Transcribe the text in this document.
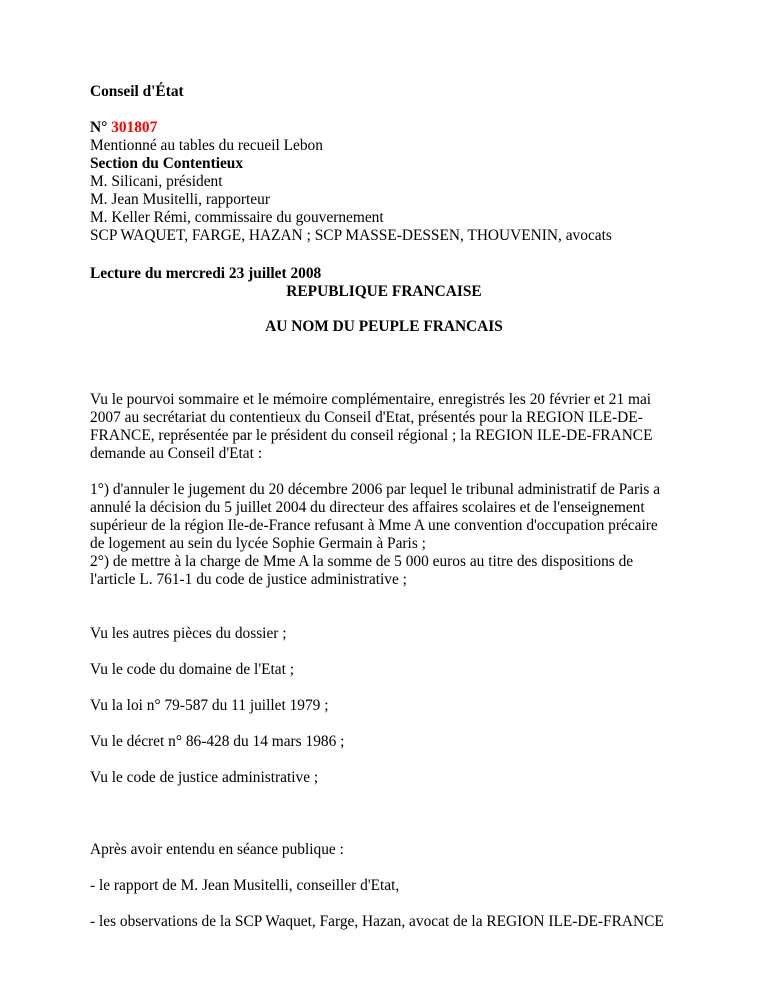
Conseil d'État
N° 301807
Mentionné au tables du recueil Lebon
Section du Contentieux
M. Silicani, président
M. Jean Musitelli, rapporteur
M. Keller Rémi, commissaire du gouvernement
SCP WAQUET, FARGE, HAZAN ; SCP MASSE-DESSEN, THOUVENIN, avocats
Lecture du mercredi 23 juillet 2008
REPUBLIQUE FRANCAISE
AU NOM DU PEUPLE FRANCAIS
Vu le pourvoi sommaire et le mémoire complémentaire, enregistrés les 20 février et 21 mai
2007 au secrétariat du contentieux du Conseil d'Etat, présentés pour la REGION ILE-DE-
FRANCE, représentée par le président du conseil régional ; la REGION ILE-DE-FRANCE
demande au Conseil d'Etat :
1°) d'annuler le jugement du 20 décembre 2006 par lequel le tribunal administratif de Paris a
annulé la décision du 5 juillet 2004 du directeur des affaires scolaires et de l'enseignement
supérieur de la région Ile-de-France refusant à Mme A une convention d'occupation précaire
de logement au sein du lycée Sophie Germain à Paris ;
2°) de mettre à la charge de Mme A la somme de 5 000 euros au titre des dispositions de
l'article L. 761-1 du code de justice administrative ;
Vu les autres pièces du dossier ;
Vu le code du domaine de l'Etat ;
Vu la loi n° 79-587 du 11 juillet 1979 ;
Vu le décret n° 86-428 du 14 mars 1986 ;
Vu le code de justice administrative ;
Après avoir entendu en séance publique :
- le rapport de M. Jean Musitelli, conseiller d'Etat,
- les observations de la SCP Waquet, Farge, Hazan, avocat de la REGION ILE-DE-FRANCE
